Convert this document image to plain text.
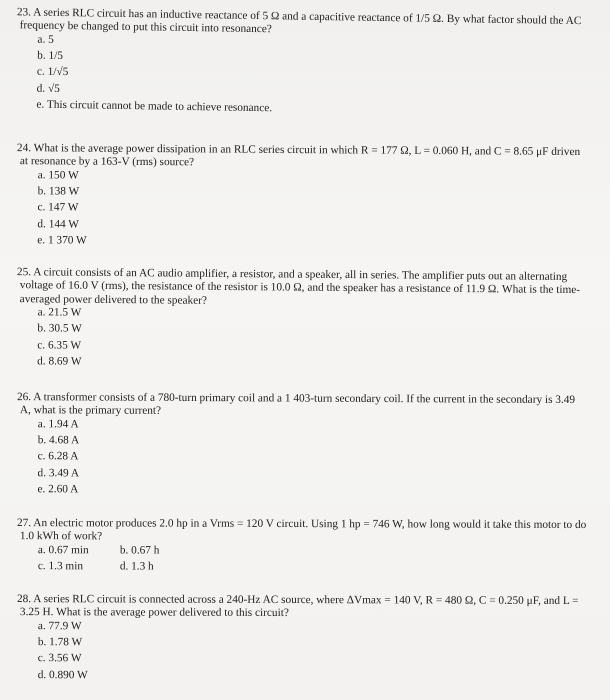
23. A series RLC circuit has an inductive reactance of 5 Ω and a capacitive reactance of 1/5 Ω. By what factor should the AC frequency be changed to put this circuit into resonance?

a. 5

b. 1/5

c. 1/√5

d. √5

e. This circuit cannot be made to achieve resonance.

24. What is the average power dissipation in an RLC series circuit in which R = 177 Ω, L = 0.060 H, and C = 8.65 μF driven at resonance by a 163-V (rms) source?

a. 150 W

b. 138 W

c. 147 W

d. 144 W

e. 1 370 W

25. A circuit consists of an AC audio amplifier, a resistor, and a speaker, all in series. The amplifier puts out an alternating voltage of 16.0 V (rms), the resistance of the resistor is 10.0 Ω, and the speaker has a resistance of 11.9 Ω. What is the time-averaged power delivered to the speaker?

a. 21.5 W

b. 30.5 W

c. 6.35 W

d. 8.69 W

26. A transformer consists of a 780-turn primary coil and a 1 403-turn secondary coil. If the current in the secondary is 3.49 A, what is the primary current?

a. 1.94 A

b. 4.68 A

c. 6.28 A

d. 3.49 A

e. 2.60 A

27. An electric motor produces 2.0 hp in a Vrms = 120 V circuit. Using 1 hp = 746 W, how long would it take this motor to do 1.0 kWh of work?

a. 0.67 min	b. 0.67 h
c. 1.3 min	d. 1.3 h

28. A series RLC circuit is connected across a 240-Hz AC source, where ΔVmax = 140 V, R = 480 Ω, C = 0.250 μF, and L = 3.25 H. What is the average power delivered to this circuit?

a. 77.9 W

b. 1.78 W

c. 3.56 W

d. 0.890 W
